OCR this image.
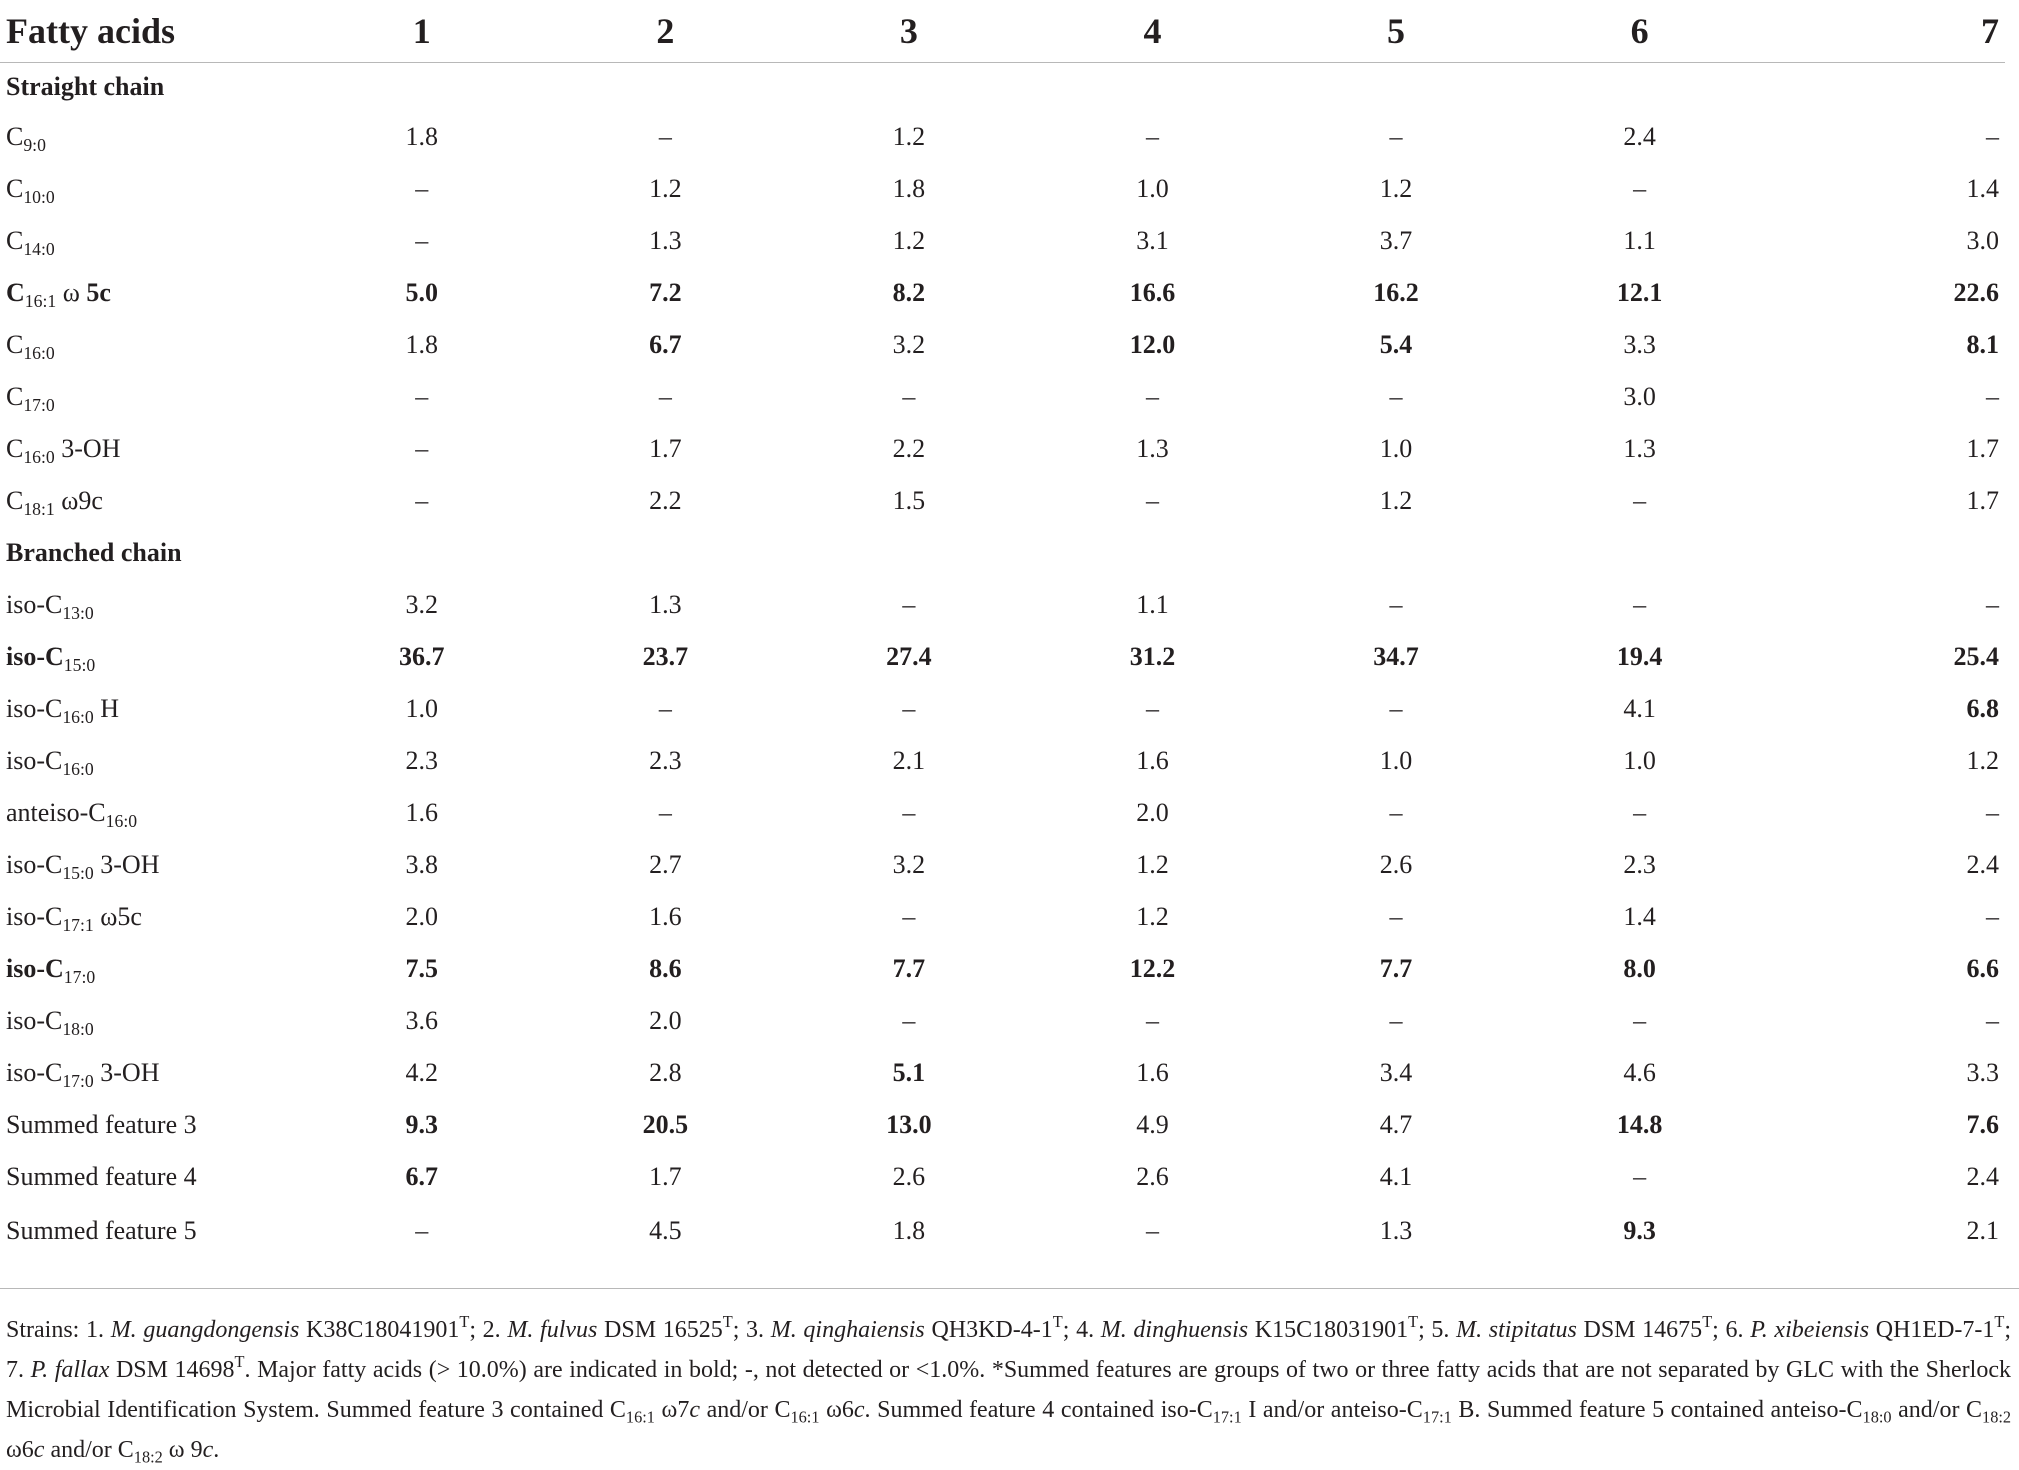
Fatty acids	1	2	3	4	5	6	7
Straight chain							
$C_{9:0}$	1.8	–	1.2	–	–	2.4	–
$C_{10:0}$	–	1.2	1.8	1.0	1.2	–	1.4
$C_{14:0}$	–	1.3	1.2	3.1	3.7	1.1	3.0
$C_{16:1}$ ω 5c	5.0	7.2	8.2	16.6	16.2	12.1	22.6
$C_{16:0}$	1.8	6.7	3.2	12.0	5.4	3.3	8.1
$C_{17:0}$	–	–	–	–	–	3.0	–
$C_{16:0}$ 3-OH	–	1.7	2.2	1.3	1.0	1.3	1.7
$C_{18:1}$ ω9c	–	2.2	1.5	–	1.2	–	1.7
Branched chain							
iso-$C_{13:0}$	3.2	1.3	–	1.1	–	–	–
iso-$C_{15:0}$	36.7	23.7	27.4	31.2	34.7	19.4	25.4
iso-$C_{16:0}$ H	1.0	–	–	–	–	4.1	6.8
iso-$C_{16:0}$	2.3	2.3	2.1	1.6	1.0	1.0	1.2
anteiso-$C_{16:0}$	1.6	–	–	2.0	–	–	–
iso-$C_{15:0}$ 3-OH	3.8	2.7	3.2	1.2	2.6	2.3	2.4
iso-$C_{17:1}$ ω5c	2.0	1.6	–	1.2	–	1.4	–
iso-$C_{17:0}$	7.5	8.6	7.7	12.2	7.7	8.0	6.6
iso-$C_{18:0}$	3.6	2.0	–	–	–	–	–
iso-$C_{17:0}$ 3-OH	4.2	2.8	5.1	1.6	3.4	4.6	3.3
Summed feature 3	9.3	20.5	13.0	4.9	4.7	14.8	7.6
Summed feature 4	6.7	1.7	2.6	2.6	4.1	–	2.4
Summed feature 5	–	4.5	1.8	–	1.3	9.3	2.1
Strains: 1. M. guangdongensis $K38C18041901^T$; 2. M. fulvus DSM $16525^T$; 3. M. qinghaiensis $QH3KD-4-1^T$; 4. M. dinghuensis $K15C18031901^T$; 5. M. stipitatus DSM $14675^T$; 6. P. xibeiensis $QH1ED-7-1^T$; 7. P. fallax DSM $14698^T$. Major fatty acids (> 10.0%) are indicated in bold; -, not detected or <1.0%. *Summed features are groups of two or three fatty acids that are not separated by GLC with the Sherlock Microbial Identification System. Summed feature 3 contained $C_{16:1}$ ω7c and/or $C_{16:1}$ ω6c. Summed feature 4 contained iso-$C_{17:1}$ I and/or anteiso-$C_{17:1}$ B. Summed feature 5 contained anteiso-$C_{18:0}$ and/or $C_{18:2}$ ω6c and/or $C_{18:2}$ ω 9c.
